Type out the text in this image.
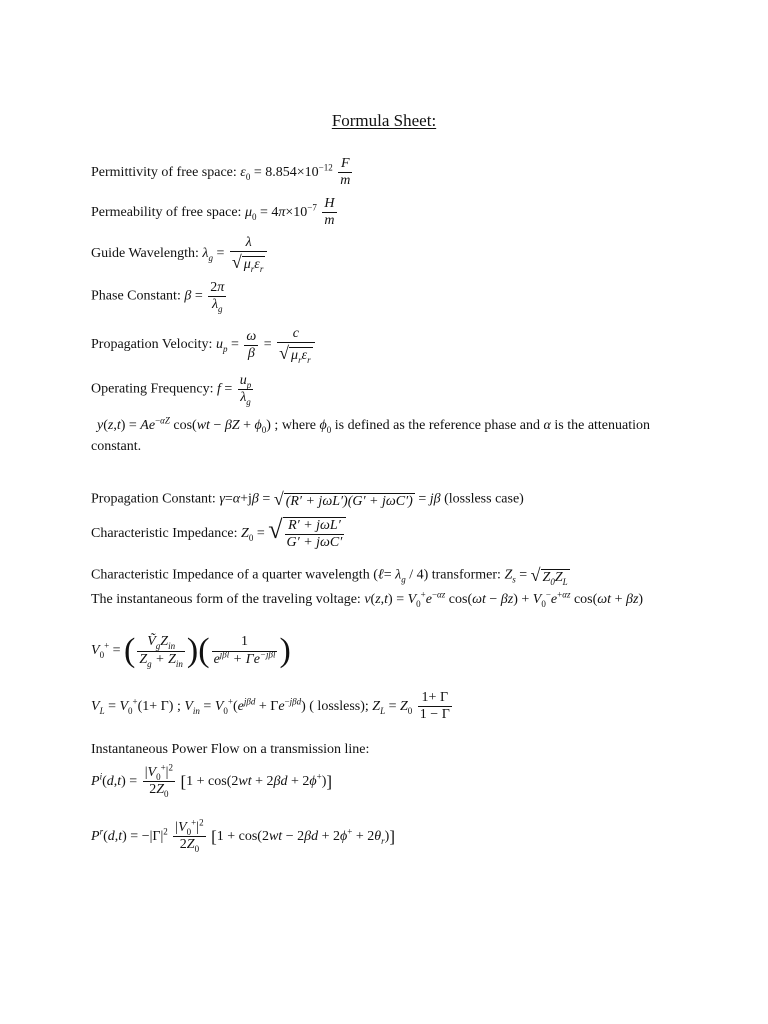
Formula Sheet:
Permittivity of free space: $\varepsilon_0 = 8.854\times 10^{-12} \frac{F}{m}$
Permeability of free space: $\mu_0 = 4\pi\times 10^{-7} \frac{H}{m}$
Guide Wavelength: $\lambda_g = \frac{\lambda}{√ \mu_r\varepsilon_r}$
Phase Constant: $\beta = \frac{2\pi}{\lambda_g}$
Propagation Velocity: $u_p = \frac{\omega}{\beta} = \frac{c}{√ \mu_r\varepsilon_r}$
Operating Frequency: $f = \frac{u_p}{\lambda_g}$
$y(z,t) = Ae^{-\alpha Z}$ $\cos(wt - \beta Z + \phi_0)$ ; where $\phi_0$ is defined as the reference phase and α is the attenuation
constant.
Propagation Constant: γ=α+jβ = √ (R′ + jωL′)(G′ + jωC′) = jβ (lossless case)
Characteristic Impedance: $Z_0$ = √ $\frac{\text{R′ + jωL′}}{\text{G′ + jωC′}}$
Characteristic Impedance of a quarter wavelength (ℓ= $\lambda_g / 4$) transformer: $Z_s$ = √ $Z_0Z_L$
The instantaneous form of the traveling voltage: $v(z,t) = V_0^+e^{-\alpha z}$ $\cos(\omega t - \beta z) + V_0^-e^{+\alpha z}$ cos(ωt + βz)
$V_0^+$ = ( $\frac{Ṽ_gZ_{in}}{Z_g + Z_{in}}$ )( $\frac{1}{e^{j\beta l} + \Gamma e^{-j\beta l}}$ )
$V_L = V_0^+(1+ \Gamma)$ ; $V_{in} = V_0^+(e^{j\beta d} + \Gamma e^{-j\beta d})$ ( lossless); $Z_L = Z_0 \frac{1+ \Gamma}{1 - \Gamma}$
Instantaneous Power Flow on a transmission line:
$P^i(d,t) = \frac{|V_0^+|^2}{2Z_0} [1 + \cos(2wt + 2\beta d + 2\phi^+)]$
$P^r(d,t) = -|\Gamma|^2 \frac{|V_0^+|^2}{2Z_0} [1 + \cos(2wt - 2\beta d + 2\phi^+ + 2\theta_r)]$
